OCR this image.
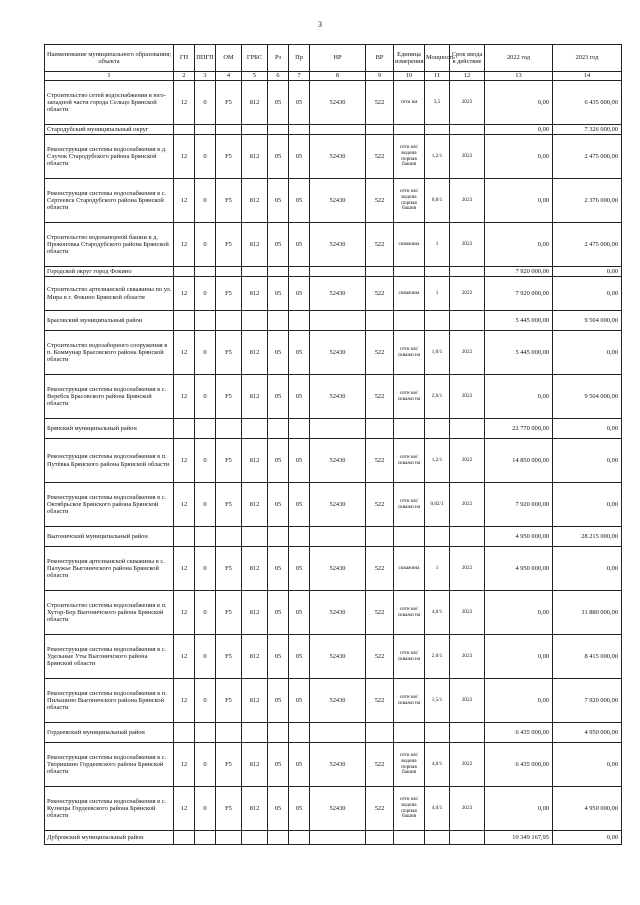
3
Наименование муниципального образования; объекта	ГП	ППГП	ОМ	ГРБС	Рз	Пр	НР	ВР	Единица измерения	Мощность	Срок ввода в действие	2022 год	2023 год
1	2	3	4	5	6	7	8	9	10	11	12	13	14
Строительство сетей водоснабжения в юго-западной части города Сельцо Брянской области	12	0	F5	812	05	05	52430	522	сети км	3,5	2023	0,00	6 435 000,00
Стародубский муниципальный округ												0,00	7 326 000,00
Реконструкция системы водоснабжения в д. Случок Стародубского района Брянской области	12	0	F5	812	05	05	52430	522	сети км/водона порная башня	1,2/1	2023	0,00	2 475 000,00
Реконструкция системы водоснабжения в с. Сергеевск Стародубского района Брянской области	12	0	F5	812	05	05	52430	522	сети км/водона порная башня	0,8/1	2023	0,00	2 376 000,00
Строительство водонапорной башни в д. Прокоповка Стародубского района Брянской области	12	0	F5	812	05	05	52430	522	скважина	1	2023	0,00	2 475 000,00
Городской округ город Фокино												7 920 000,00	0,00
Строительство артезианской скважины по ул. Мира в г. Фокино Брянской области	12	0	F5	812	05	05	52430	522	скважина	1	2022	7 920 000,00	0,00
Брасовский муниципальный район												5 445 000,00	9 504 000,00
Строительство водозаборного сооружения в п. Коммунар Брасовского района Брянской области	12	0	F5	812	05	05	52430	522	сети км/скважи на	1,0/1	2022	5 445 000,00	0,00
Реконструкция системы водоснабжения в с. Веребск Брасовского района Брянской области	12	0	F5	812	05	05	52430	522	сети км/скважи на	2,0/1	2023	0,00	9 504 000,00
Брянский муниципальный район												22 770 000,00	0,00
Реконструкция системы водоснабжения в п. Путёвка Брянского района Брянской области	12	0	F5	812	05	05	52430	522	сети км/скважи на	1,2/1	2022	14 850 000,00	0,00
Реконструкция системы водоснабжения в с. Октябрьское Брянского района Брянской области	12	0	F5	812	05	05	52430	522	сети км/скважи на	0,82/1	2022	7 920 000,00	0,00
Выгоничский муниципальный район												4 950 000,00	28 215 000,00
Реконструкция артезианской скважины в с. Палужье Выгоничского района Брянской области	12	0	F5	812	05	05	52430	522	скважина	1	2022	4 950 000,00	0,00
Строительство системы водоснабжения в п. Хутор-Бор Выгоничского района Брянской области	12	0	F5	812	05	05	52430	522	сети км/скважи на	4,0/1	2023	0,00	11 880 000,00
Реконструкция системы водоснабжения в с. Удельные Уты Выгоничского района Брянской области	12	0	F5	812	05	05	52430	522	сети км/скважи на	2,0/1	2023	0,00	8 415 000,00
Реконструкция системы водоснабжения в п. Пильшино Выгоничского района Брянской области	12	0	F5	812	05	05	52430	522	сети км/скважи на	1,5/1	2023	0,00	7 920 000,00
Гордеевский муниципальный район												6 435 000,00	4 950 000,00
Реконструкция системы водоснабжения в с. Творишино Гордеевского района Брянской области	12	0	F5	812	05	05	52430	522	сети км/водона порная башня	4,0/1	2022	6 435 000,00	0,00
Реконструкция системы водоснабжения в с. Кузнецы Гордеевского района Брянской области	12	0	F5	812	05	05	52430	522	сети км/водона порная башня	4,0/1	2023	0,00	4 950 000,00
Дубровский муниципальный район												10 349 167,95	0,00
